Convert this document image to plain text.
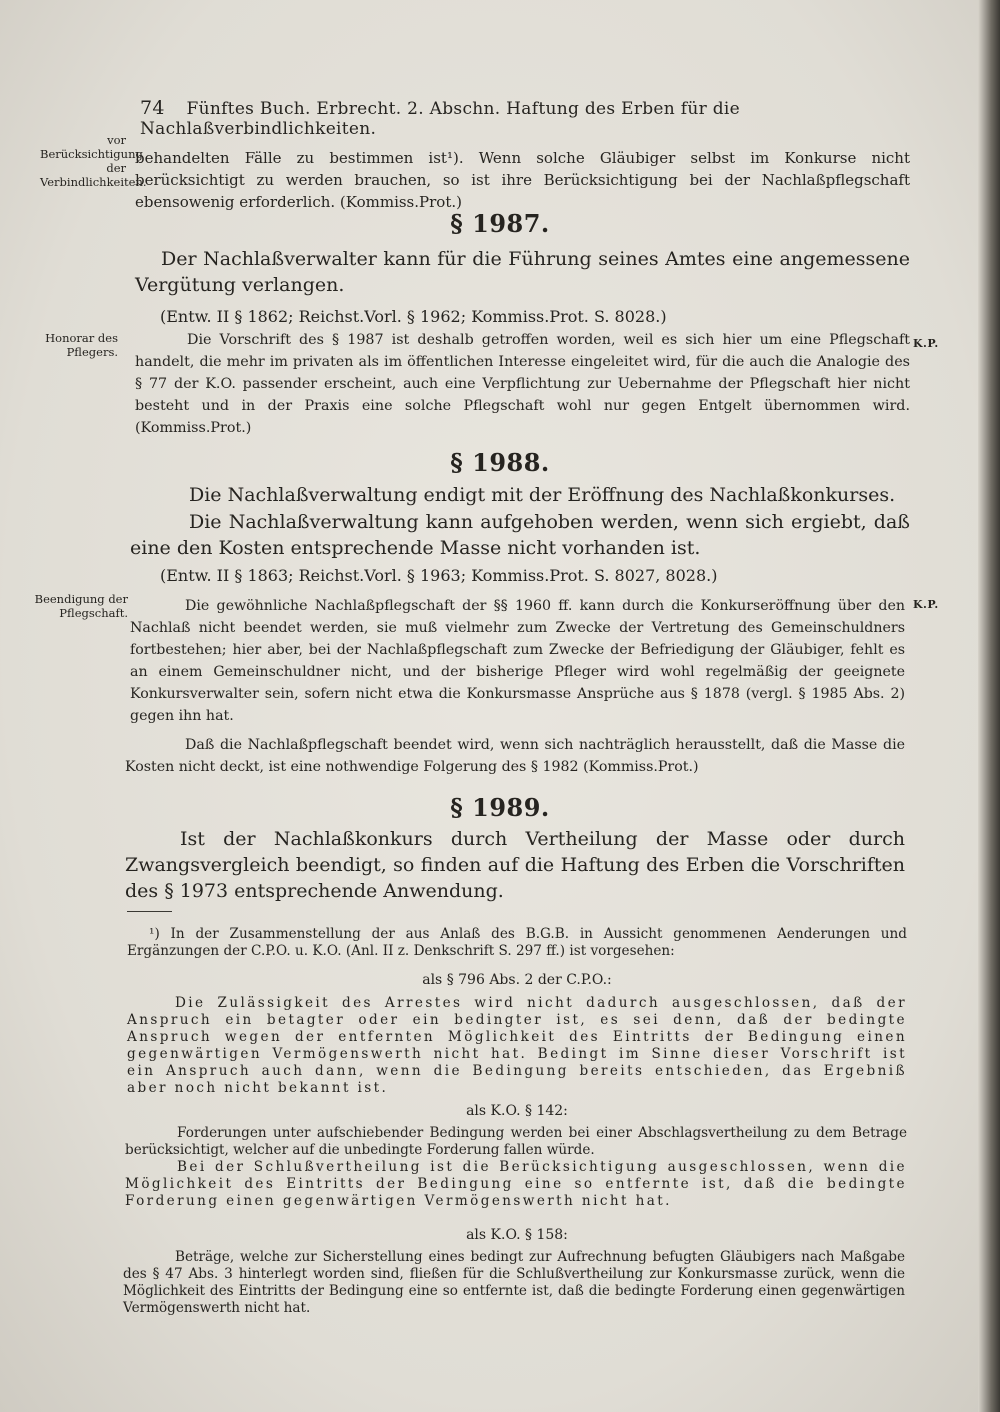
74 Fünftes Buch. Erbrecht. 2. Abschn. Haftung des Erben für die Nachlaßverbindlichkeiten.
vor Berücksichtigung der Verbindlichkeiten.
Honorar des Pflegers.
Beendigung der Pflegschaft.
K.P.
K.P.
behandelten Fälle zu bestimmen ist¹). Wenn solche Gläubiger selbst im Konkurse nicht berücksichtigt zu werden brauchen, so ist ihre Berücksichtigung bei der Nachlaßpflegschaft ebensowenig erforderlich. (Kommiss.Prot.)
§ 1987.
Der Nachlaßverwalter kann für die Führung seines Amtes eine angemessene Vergütung verlangen.
(Entw. II § 1862; Reichst.Vorl. § 1962; Kommiss.Prot. S. 8028.)
Die Vorschrift des § 1987 ist deshalb getroffen worden, weil es sich hier um eine Pflegschaft handelt, die mehr im privaten als im öffentlichen Interesse eingeleitet wird, für die auch die Analogie des § 77 der K.O. passender erscheint, auch eine Verpflichtung zur Uebernahme der Pflegschaft hier nicht besteht und in der Praxis eine solche Pflegschaft wohl nur gegen Entgelt übernommen wird. (Kommiss.Prot.)
§ 1988.
Die Nachlaßverwaltung endigt mit der Eröffnung des Nachlaßkonkurses.
Die Nachlaßverwaltung kann aufgehoben werden, wenn sich ergiebt, daß eine den Kosten entsprechende Masse nicht vorhanden ist.
(Entw. II § 1863; Reichst.Vorl. § 1963; Kommiss.Prot. S. 8027, 8028.)
Die gewöhnliche Nachlaßpflegschaft der §§ 1960 ff. kann durch die Konkurseröffnung über den Nachlaß nicht beendet werden, sie muß vielmehr zum Zwecke der Vertretung des Gemeinschuldners fortbestehen; hier aber, bei der Nachlaßpflegschaft zum Zwecke der Befriedigung der Gläubiger, fehlt es an einem Gemeinschuldner nicht, und der bisherige Pfleger wird wohl regelmäßig der geeignete Konkursverwalter sein, sofern nicht etwa die Konkursmasse Ansprüche aus § 1878 (vergl. § 1985 Abs. 2) gegen ihn hat.
Daß die Nachlaßpflegschaft beendet wird, wenn sich nachträglich herausstellt, daß die Masse die Kosten nicht deckt, ist eine nothwendige Folgerung des § 1982 (Kommiss.Prot.)
§ 1989.
Ist der Nachlaßkonkurs durch Vertheilung der Masse oder durch Zwangsvergleich beendigt, so finden auf die Haftung des Erben die Vorschriften des § 1973 entsprechende Anwendung.
¹) In der Zusammenstellung der aus Anlaß des B.G.B. in Aussicht genommenen Aenderungen und Ergänzungen der C.P.O. u. K.O. (Anl. II z. Denkschrift S. 297 ff.) ist vorgesehen:
als § 796 Abs. 2 der C.P.O.:
Die Zulässigkeit des Arrestes wird nicht dadurch ausgeschlossen, daß der Anspruch ein betagter oder ein bedingter ist, es sei denn, daß der bedingte Anspruch wegen der entfernten Möglichkeit des Eintritts der Bedingung einen gegenwärtigen Vermögenswerth nicht hat. Bedingt im Sinne dieser Vorschrift ist ein Anspruch auch dann, wenn die Bedingung bereits entschieden, das Ergebniß aber noch nicht bekannt ist.
als K.O. § 142:
Forderungen unter aufschiebender Bedingung werden bei einer Abschlagsvertheilung zu dem Betrage berücksichtigt, welcher auf die unbedingte Forderung fallen würde.
Bei der Schlußvertheilung ist die Berücksichtigung ausgeschlossen, wenn die Möglichkeit des Eintritts der Bedingung eine so entfernte ist, daß die bedingte Forderung einen gegenwärtigen Vermögenswerth nicht hat.
als K.O. § 158:
Beträge, welche zur Sicherstellung eines bedingt zur Aufrechnung befugten Gläubigers nach Maßgabe des § 47 Abs. 3 hinterlegt worden sind, fließen für die Schlußvertheilung zur Konkursmasse zurück, wenn die Möglichkeit des Eintritts der Bedingung eine so entfernte ist, daß die bedingte Forderung einen gegenwärtigen Vermögenswerth nicht hat.
